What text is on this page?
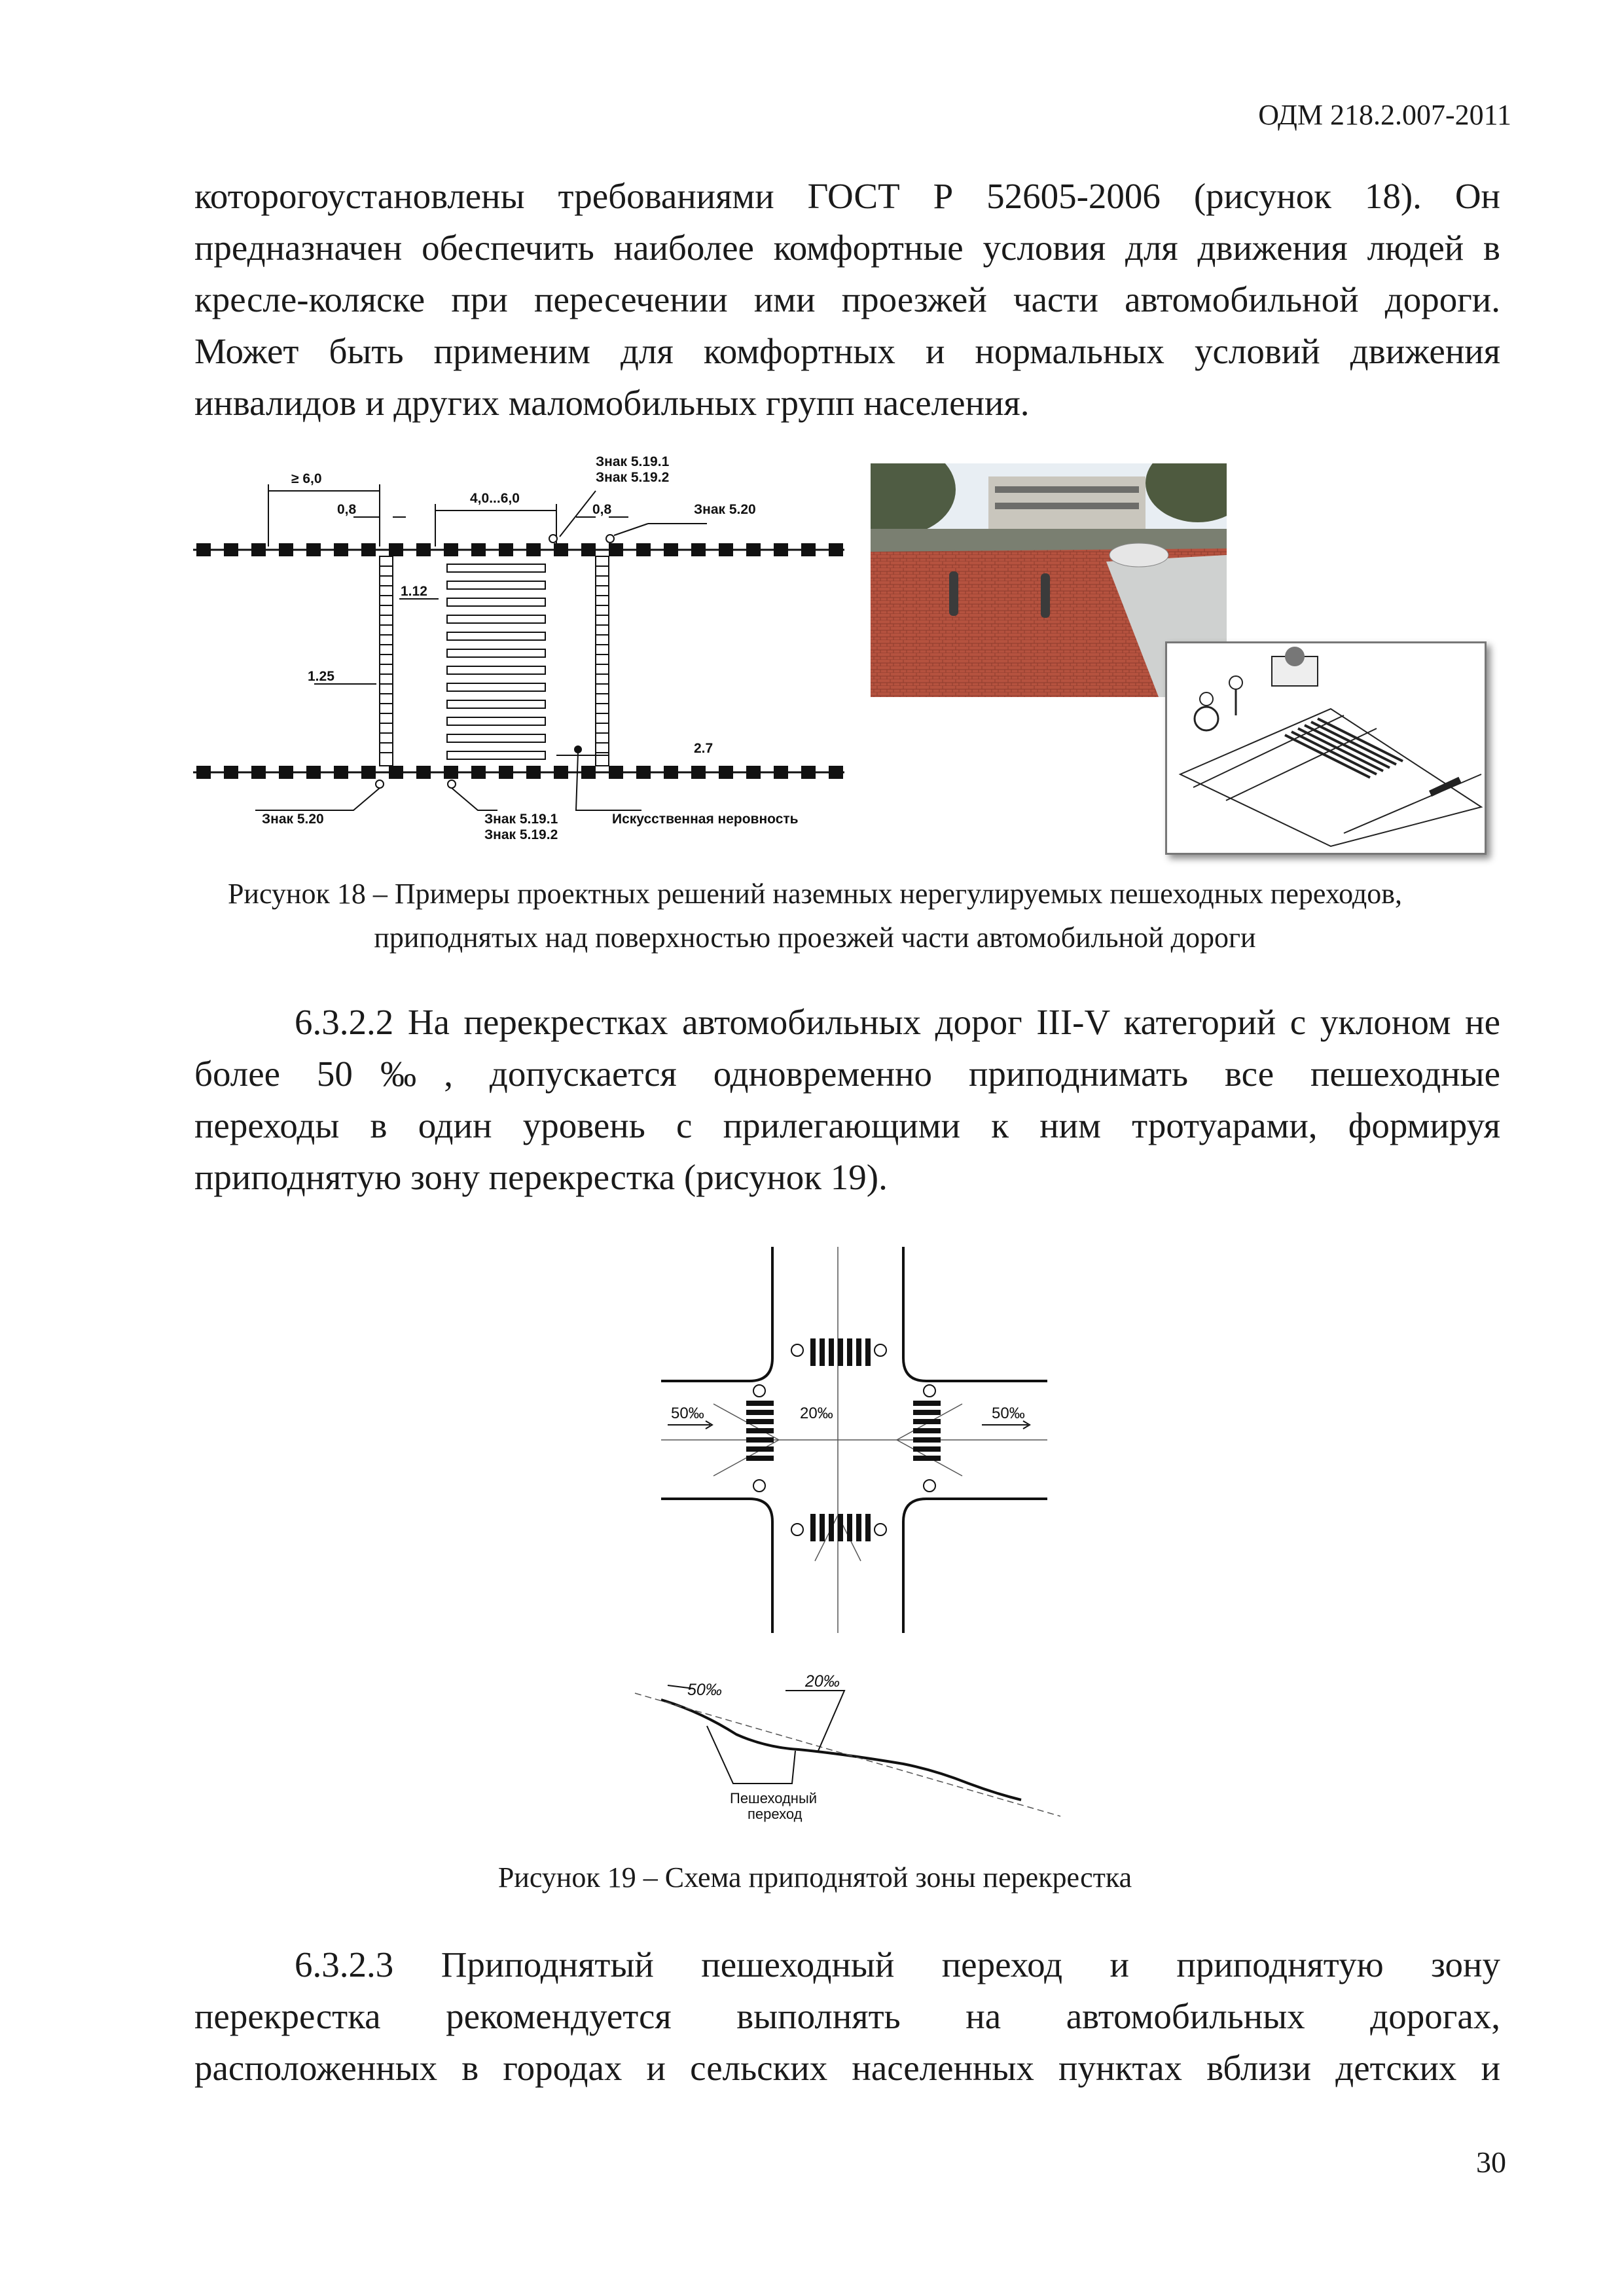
ОДМ 218.2.007-2011
которогоустановлены требованиями ГОСТ Р 52605-2006 (рисунок 18). Он
предназначен обеспечить наиболее комфортные условия для движения людей в
кресле-коляске при пересечении ими проезжей части автомобильной дороги.
Может быть применим для комфортных и нормальных условий движения
инвалидов и других маломобильных групп населения.
≥ 6,0
0,8
4,0...6,0
0,8
Знак 5.19.1
Знак 5.19.2
Знак 5.20
1.12
1.25
2.7
Знак 5.20	Знак 5.19.1
Знак 5.19.2
Искусственная неровность
Рисунок 18 – Примеры проектных решений наземных нерегулируемых пешеходных переходов,
приподнятых над поверхностью проезжей части автомобильной дороги
6.3.2.2 На перекрестках автомобильных дорог III-V категорий с уклоном не
более 50‰, допускается одновременно приподнимать все пешеходные
переходы в один уровень с прилегающими к ним тротуарами, формируя
приподнятую зону перекрестка (рисунок 19).
50‰	20‰	50‰
50‰	20‰
Пешеходный
переход
Рисунок 19 – Схема приподнятой зоны перекрестка
6.3.2.3 Приподнятый пешеходный переход и приподнятую зону
перекрестка рекомендуется выполнять на автомобильных дорогах,
расположенных в городах и сельских населенных пунктах вблизи детских и
30
